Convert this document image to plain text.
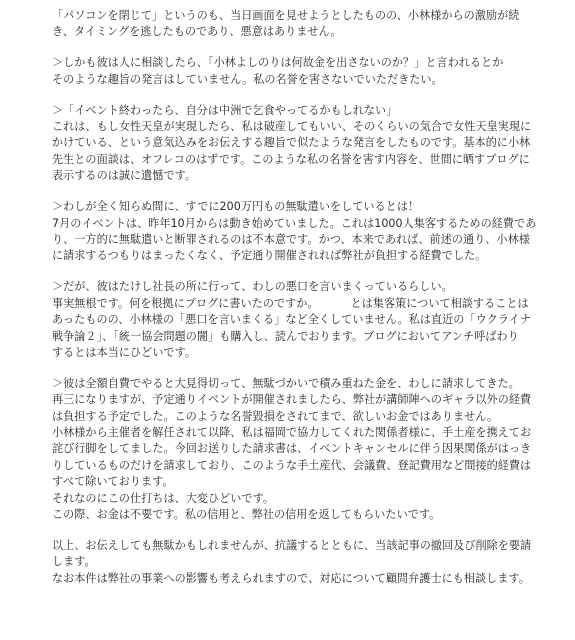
「パソコンを閉じて」というのも、当日画面を見せようとしたものの、小林様からの激励が続
き、タイミングを逃したものであり、悪意はありません。
＞しかも彼は人に相談したら、「小林よしのりは何故金を出さないのか？」と言われるとか
そのような趣旨の発言はしていません。私の名誉を害さないでいただきたい。
＞「イベント終わったら、自分は中洲で乞食やってるかもしれない」
これは、もし女性天皇が実現したら、私は破産してもいい、そのくらいの気合で女性天皇実現に
かけている、という意気込みをお伝えする趣旨で似たような発言をしたものです。基本的に小林
先生との面談は、オフレコのはずです。このような私の名誉を害す内容を、世間に晒すブログに
表示するのは誠に遺憾です。
＞わしが全く知らぬ間に、すでに200万円もの無駄遣いをしているとは！
7月のイベントは、昨年10月からは動き始めていました。これは1000人集客するための経費であ
り、一方的に無駄遣いと断罪されるのは不本意です。かつ、本来であれば、前述の通り、小林様
に請求するつもりはまったくなく、予定通り開催されれば弊社が負担する経費でした。
＞だが、彼はたけし社長の所に行って、わしの悪口を言いまくっているらしい。
事実無根です。何を根拠にブログに書いたのですか。	とは集客策について相談することは
あったものの、小林様の「悪口を言いまくる」など全くしていません。私は直近の「ウクライナ
戦争論２」、「統一協会問題の闇」も購入し、読んでおります。ブログにおいてアンチ呼ばわり
するとは本当にひどいです。
＞彼は全額自費でやると大見得切って、無駄づかいで積み重ねた金を、わしに請求してきた。
再三になりますが、予定通りイベントが開催されましたら、弊社が講師陣へのギャラ以外の経費
は負担する予定でした。このような名誉毀損をされてまで、欲しいお金ではありません。
小林様から主催者を解任されて以降、私は福岡で協力してくれた関係者様に、手土産を携えてお
詫び行脚をしてました。今回お送りした請求書は、イベントキャンセルに伴う因果関係がはっき
りしているものだけを請求しており、このような手土産代、会議費、登記費用など間接的経費は
すべて除いております。
それなのにこの仕打ちは、大変ひどいです。
この際、お金は不要です。私の信用と、弊社の信用を返してもらいたいです。
以上、お伝えしても無駄かもしれませんが、抗議するとともに、当該記事の撤回及び削除を要請
します。
なお本件は弊社の事業への影響も考えられますので、対応について顧問弁護士にも相談します。
